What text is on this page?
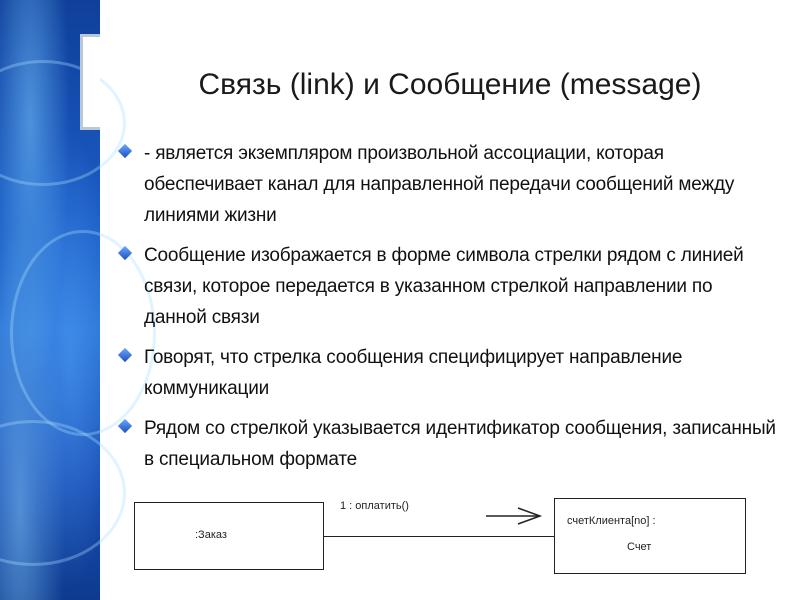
Связь (link) и Сообщение (message)
- является экземпляром произвольной ассоциации, которая обеспечивает канал для направленной передачи сообщений между линиями жизни
Сообщение изображается в форме символа стрелки рядом с линией связи, которое передается в указанном стрелкой направлении по данной связи
Говорят, что стрелка сообщения специфицирует направление коммуникации
Рядом со стрелкой указывается идентификатор сообщения, записанный в специальном формате
:Заказ
1 : оплатить()
счетКлиента[no] :
Счет
